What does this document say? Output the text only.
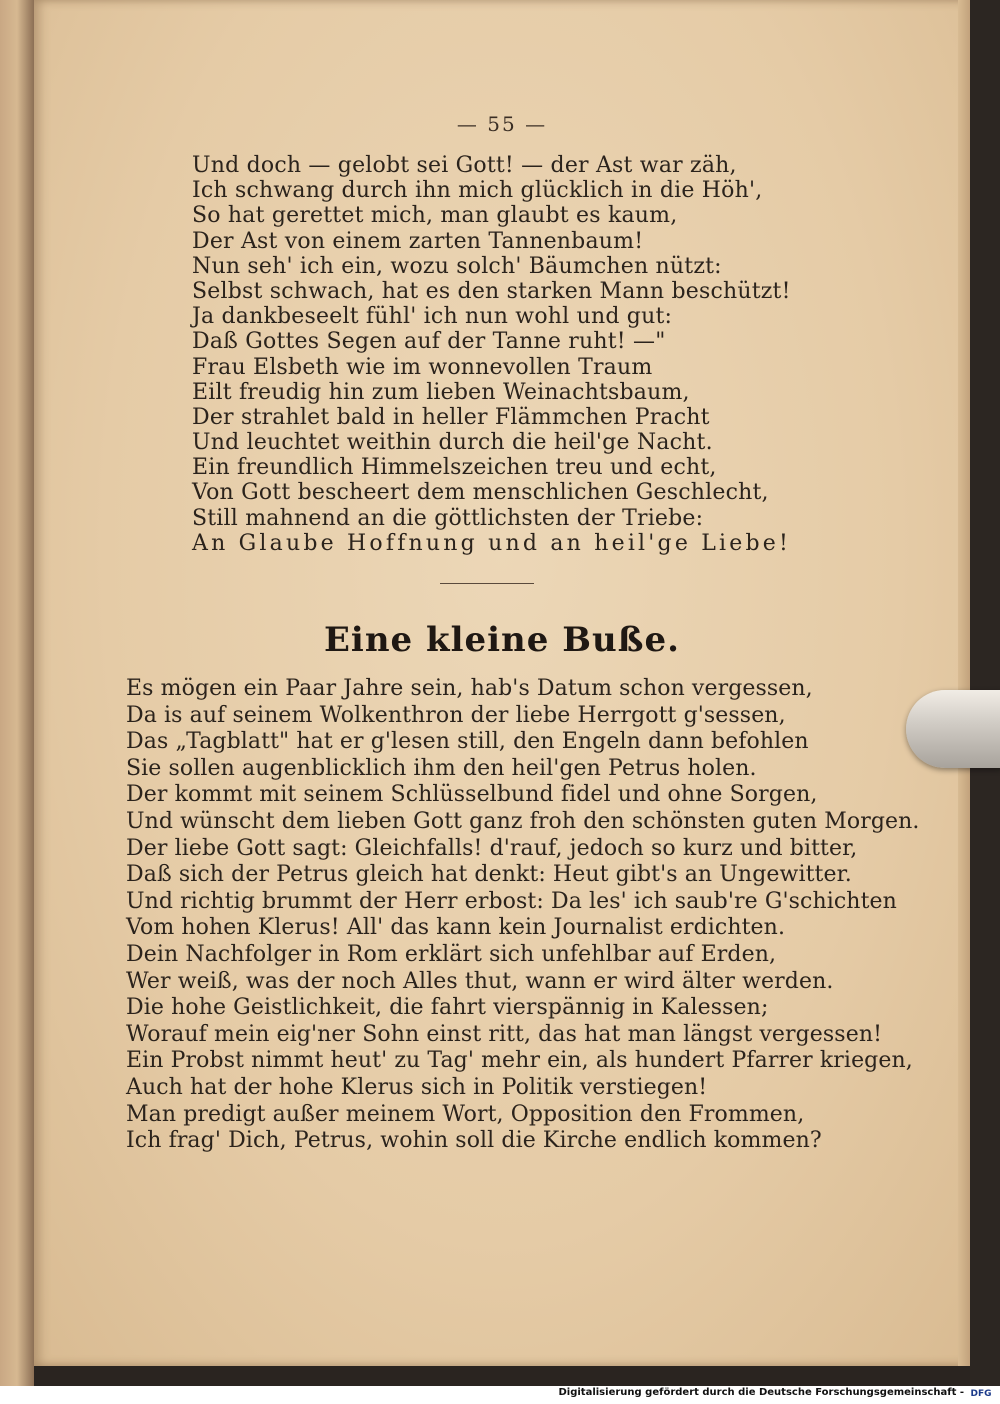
— 55 —
Und doch — gelobt sei Gott! — der Ast war zäh,
Ich schwang durch ihn mich glücklich in die Höh',
So hat gerettet mich, man glaubt es kaum,
Der Ast von einem zarten Tannenbaum!
Nun seh' ich ein, wozu solch' Bäumchen nützt:
Selbst schwach, hat es den starken Mann beschützt!
Ja dankbeseelt fühl' ich nun wohl und gut:
Daß Gottes Segen auf der Tanne ruht! —"
Frau Elsbeth wie im wonnevollen Traum
Eilt freudig hin zum lieben Weinachtsbaum,
Der strahlet bald in heller Flämmchen Pracht
Und leuchtet weithin durch die heil'ge Nacht.
Ein freundlich Himmelszeichen treu und echt,
Von Gott bescheert dem menschlichen Geschlecht,
Still mahnend an die göttlichsten der Triebe:
An Glaube Hoffnung und an heil'ge Liebe!
Eine kleine Buße.
Es mögen ein Paar Jahre sein, hab's Datum schon vergessen,
Da is auf seinem Wolkenthron der liebe Herrgott g'sessen,
Das „Tagblatt" hat er g'lesen still, den Engeln dann befohlen
Sie sollen augenblicklich ihm den heil'gen Petrus holen.
Der kommt mit seinem Schlüsselbund fidel und ohne Sorgen,
Und wünscht dem lieben Gott ganz froh den schönsten guten Morgen.
Der liebe Gott sagt: Gleichfalls! d'rauf, jedoch so kurz und bitter,
Daß sich der Petrus gleich hat denkt: Heut gibt's an Ungewitter.
Und richtig brummt der Herr erbost: Da les' ich saub're G'schichten
Vom hohen Klerus! All' das kann kein Journalist erdichten.
Dein Nachfolger in Rom erklärt sich unfehlbar auf Erden,
Wer weiß, was der noch Alles thut, wann er wird älter werden.
Die hohe Geistlichkeit, die fahrt vierspännig in Kalessen;
Worauf mein eig'ner Sohn einst ritt, das hat man längst vergessen!
Ein Probst nimmt heut' zu Tag' mehr ein, als hundert Pfarrer kriegen,
Auch hat der hohe Klerus sich in Politik verstiegen!
Man predigt außer meinem Wort, Opposition den Frommen,
Ich frag' Dich, Petrus, wohin soll die Kirche endlich kommen?
Digitalisierung gefördert durch die Deutsche Forschungsgemeinschaft - DFG
